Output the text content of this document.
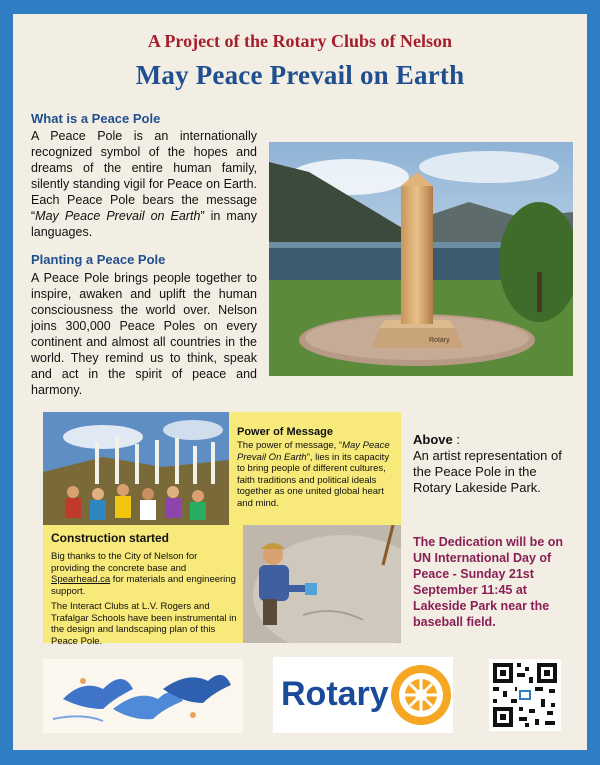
A Project of the Rotary Clubs of Nelson
May Peace Prevail on Earth
What is a Peace Pole
A Peace Pole is an internationally recognized symbol of the hopes and dreams of the entire human family, silently standing vigil for Peace on Earth. Each Peace Pole bears the message “May Peace Prevail on Earth” in many languages.
Planting a Peace Pole
A Peace Pole brings people together to inspire, awaken and uplift the human consciousness the world over. Nelson joins 300,000 Peace Poles on every continent and almost all countries in the world. They remind us to think, speak and act in the spirit of peace and harmony.
Rotary
Power of Message
The power of message, “May Peace Prevail On Earth”, lies in its capacity to bring people of different cultures, faith traditions and political ideals together as one united global heart and mind.
Above :
An artist representation of the Peace Pole in the Rotary Lakeside Park.
Construction started
Big thanks to the City of Nelson for providing the concrete base and Spearhead.ca for materials and engineering support.
The Interact Clubs at L.V. Rogers and Trafalgar Schools have been instrumental in the design and landscaping plan of this Peace Pole.
The Dedication will be on UN International Day of Peace - Sunday 21st September 11:45 at Lakeside Park near the baseball field.
Rotary
